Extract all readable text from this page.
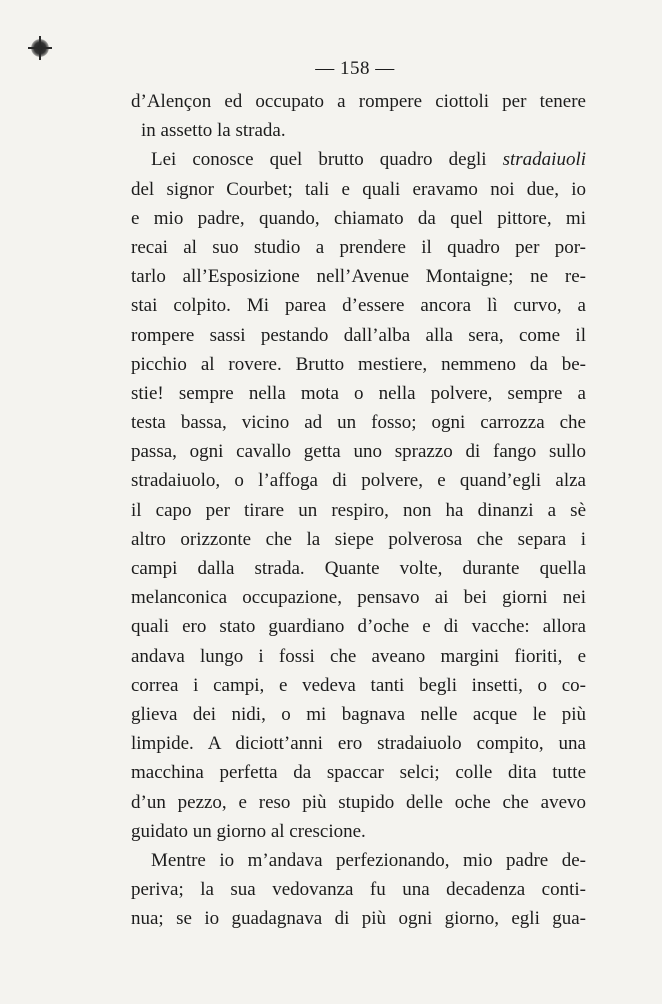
— 158 —
d’Alençon ed occupato a rompere ciottoli per tenere
in assetto la strada.
Lei conosce quel brutto quadro degli stradaiuoli
del signor Courbet; tali e quali eravamo noi due, io
e mio padre, quando, chiamato da quel pittore, mi
recai al suo studio a prendere il quadro per por-
tarlo all’Esposizione nell’Avenue Montaigne; ne re-
stai colpito. Mi parea d’essere ancora lì curvo, a
rompere sassi pestando dall’alba alla sera, come il
picchio al rovere. Brutto mestiere, nemmeno da be-
stie! sempre nella mota o nella polvere, sempre a
testa bassa, vicino ad un fosso; ogni carrozza che
passa, ogni cavallo getta uno sprazzo di fango sullo
stradaiuolo, o l’affoga di polvere, e quand’egli alza
il capo per tirare un respiro, non ha dinanzi a sè
altro orizzonte che la siepe polverosa che separa i
campi dalla strada. Quante volte, durante quella
melanconica occupazione, pensavo ai bei giorni nei
quali ero stato guardiano d’oche e di vacche: allora
andava lungo i fossi che aveano margini fioriti, e
correa i campi, e vedeva tanti begli insetti, o co-
glieva dei nidi, o mi bagnava nelle acque le più
limpide. A diciott’anni ero stradaiuolo compito, una
macchina perfetta da spaccar selci; colle dita tutte
d’un pezzo, e reso più stupido delle oche che avevo
guidato un giorno al crescione.
Mentre io m’andava perfezionando, mio padre de-
periva; la sua vedovanza fu una decadenza conti-
nua; se io guadagnava di più ogni giorno, egli gua-
